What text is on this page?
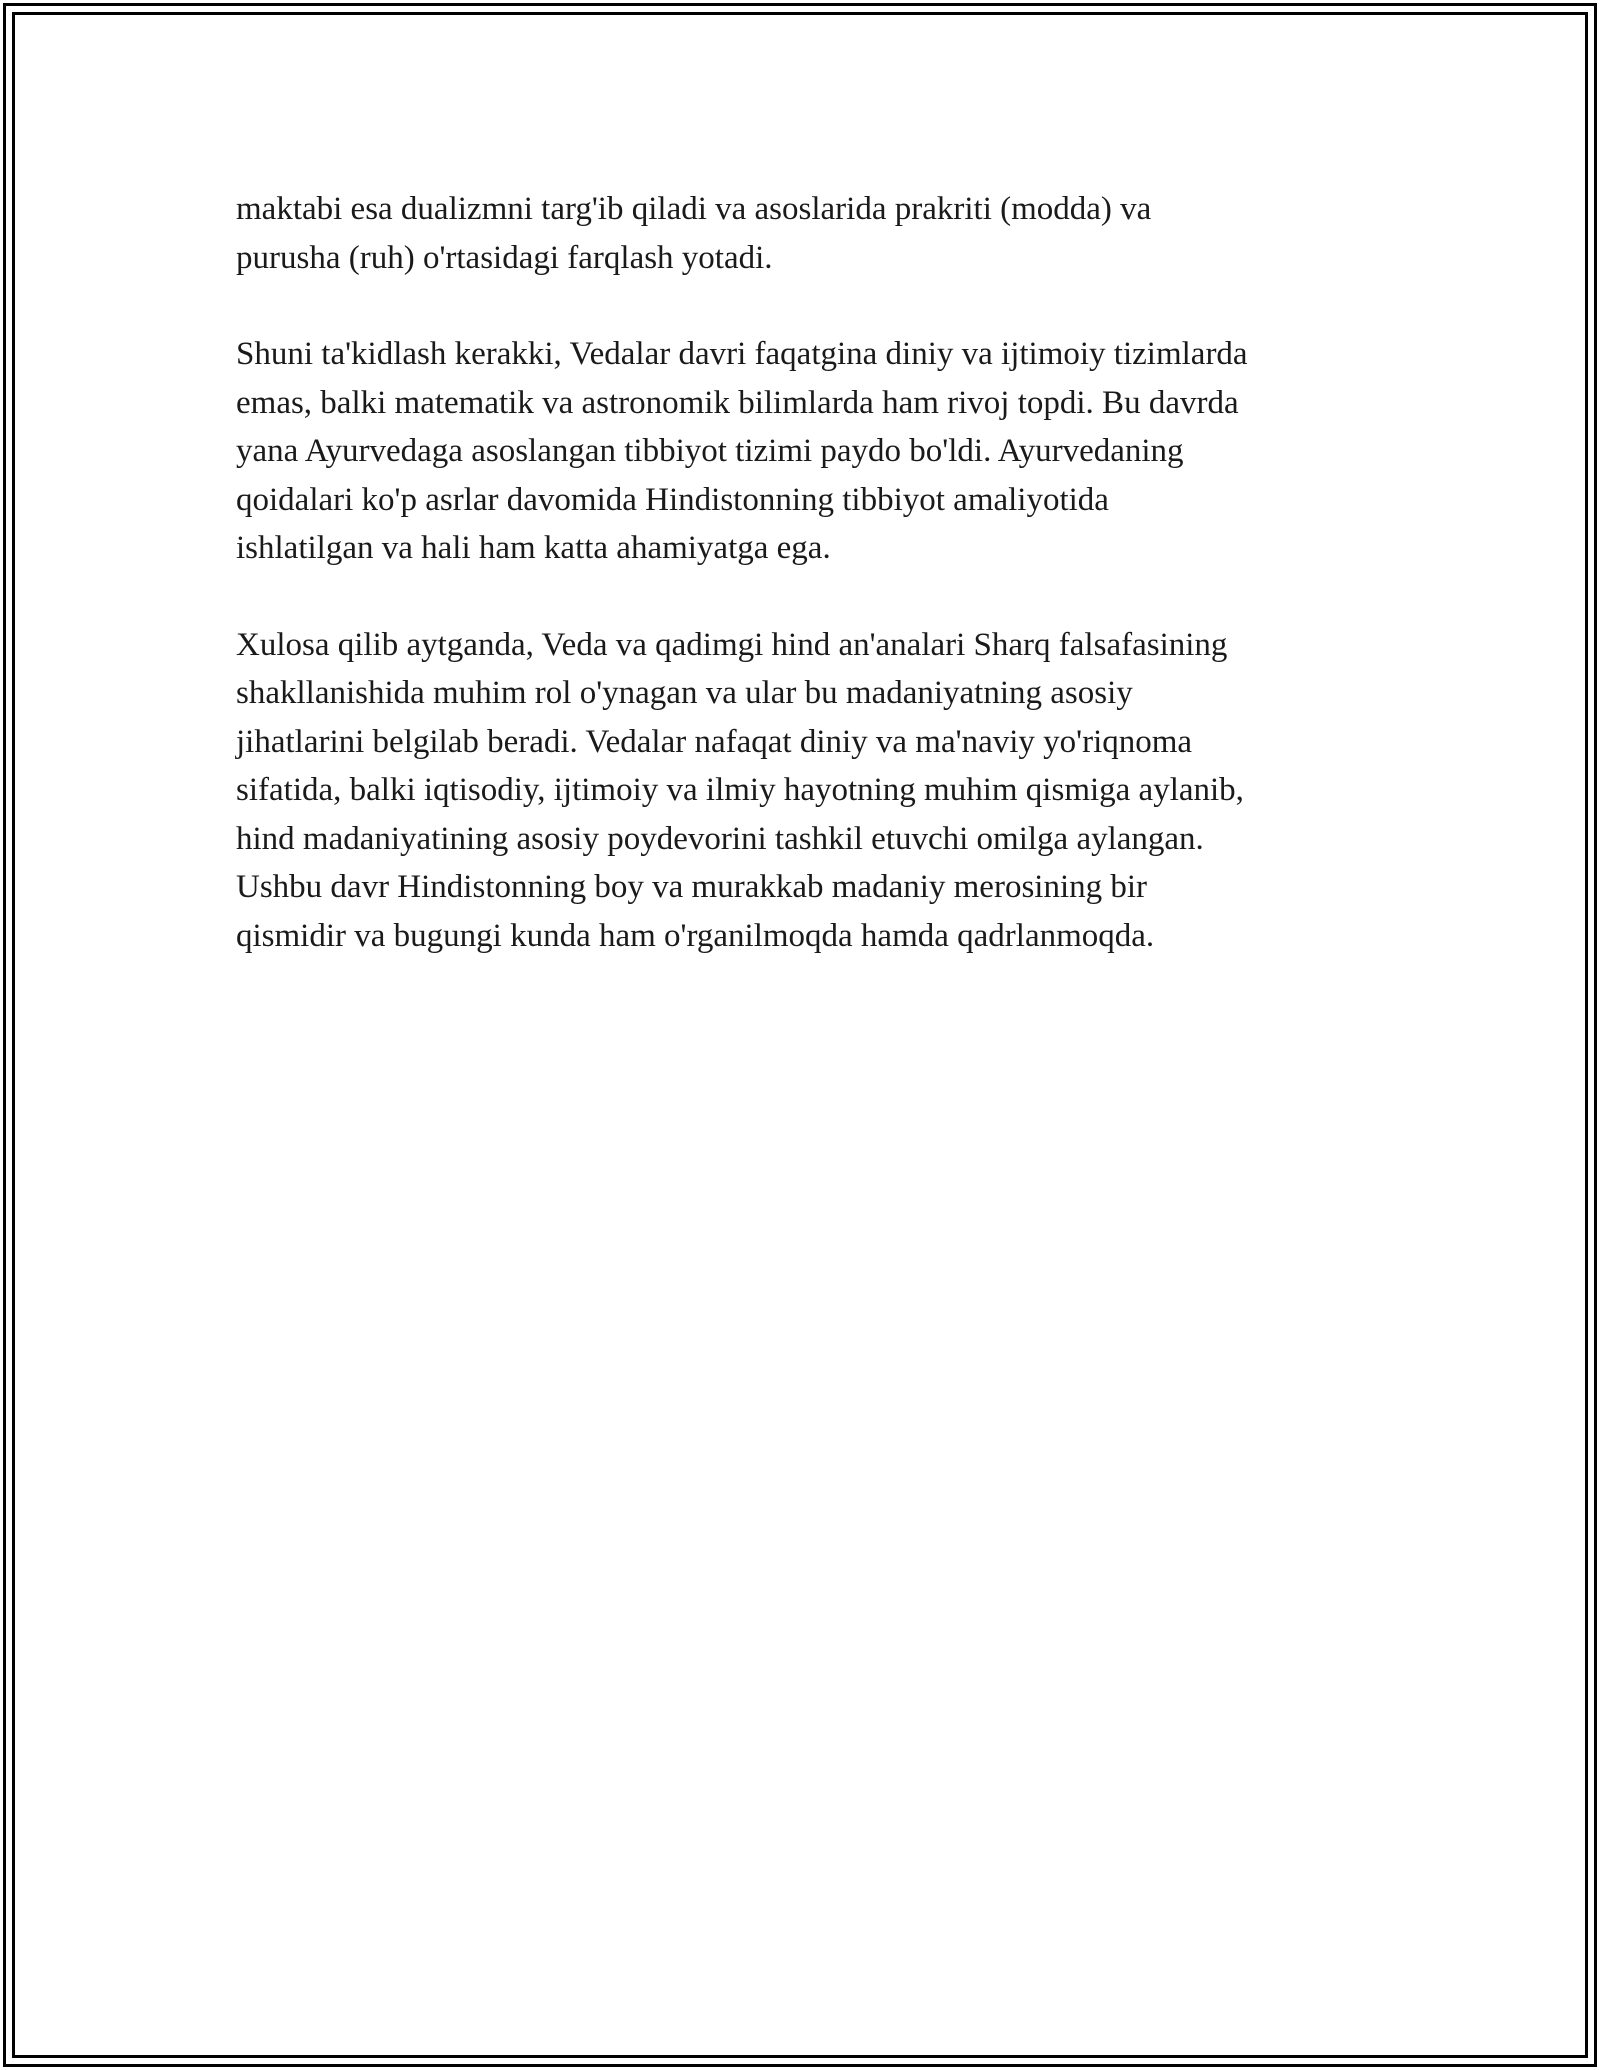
maktabi esa dualizmni targ'ib qiladi va asoslarida prakriti (modda) va
purusha (ruh) o'rtasidagi farqlash yotadi.

Shuni ta'kidlash kerakki, Vedalar davri faqatgina diniy va ijtimoiy tizimlarda
emas, balki matematik va astronomik bilimlarda ham rivoj topdi. Bu davrda
yana Ayurvedaga asoslangan tibbiyot tizimi paydo bo'ldi. Ayurvedaning
qoidalari ko'p asrlar davomida Hindistonning tibbiyot amaliyotida
ishlatilgan va hali ham katta ahamiyatga ega.

Xulosa qilib aytganda, Veda va qadimgi hind an'analari Sharq falsafasining
shakllanishida muhim rol o'ynagan va ular bu madaniyatning asosiy
jihatlarini belgilab beradi. Vedalar nafaqat diniy va ma'naviy yo'riqnoma
sifatida, balki iqtisodiy, ijtimoiy va ilmiy hayotning muhim qismiga aylanib,
hind madaniyatining asosiy poydevorini tashkil etuvchi omilga aylangan.
Ushbu davr Hindistonning boy va murakkab madaniy merosining bir
qismidir va bugungi kunda ham o'rganilmoqda hamda qadrlanmoqda.
